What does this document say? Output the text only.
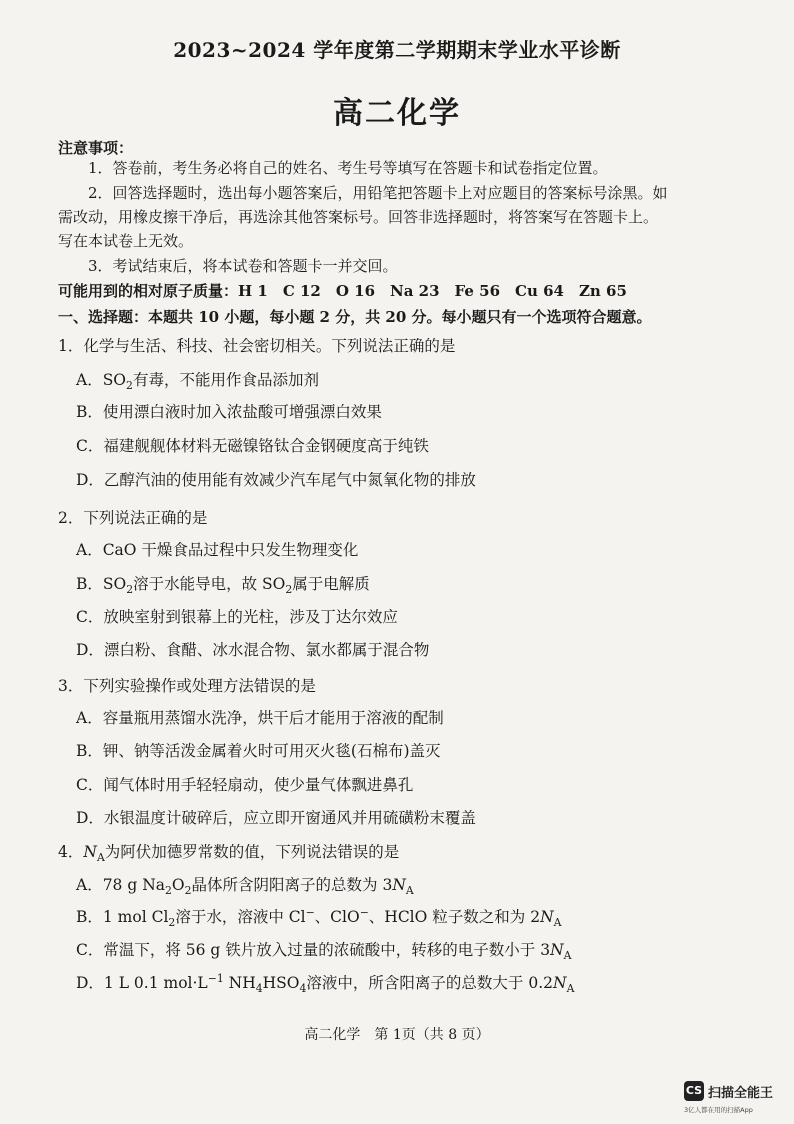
2023~2024 学年度第二学期期末学业水平诊断
高二化学
注意事项：
1．答卷前，考生务必将自己的姓名、考生号等填写在答题卡和试卷指定位置。
2．回答选择题时，选出每小题答案后，用铅笔把答题卡上对应题目的答案标号涂黑。如
需改动，用橡皮擦干净后，再选涂其他答案标号。回答非选择题时，将答案写在答题卡上。
写在本试卷上无效。
3．考试结束后，将本试卷和答题卡一并交回。
可能用到的相对原子质量：H 1　C 12　O 16　Na 23　Fe 56　Cu 64　Zn 65
一、选择题：本题共 10 小题，每小题 2 分，共 20 分。每小题只有一个选项符合题意。
1．化学与生活、科技、社会密切相关。下列说法正确的是
A．$SO_2$有毒，不能用作食品添加剂
B．使用漂白液时加入浓盐酸可增强漂白效果
C．福建舰舰体材料无磁镍铬钛合金钢硬度高于纯铁
D．乙醇汽油的使用能有效减少汽车尾气中氮氧化物的排放
2．下列说法正确的是
A．CaO 干燥食品过程中只发生物理变化
B．$SO_2$溶于水能导电，故 $SO_2$属于电解质
C．放映室射到银幕上的光柱，涉及丁达尔效应
D．漂白粉、食醋、冰水混合物、氯水都属于混合物
3．下列实验操作或处理方法错误的是
A．容量瓶用蒸馏水洗净，烘干后才能用于溶液的配制
B．钾、钠等活泼金属着火时可用灭火毯(石棉布)盖灭
C．闻气体时用手轻轻扇动，使少量气体飘进鼻孔
D．水银温度计破碎后，应立即开窗通风并用硫磺粉末覆盖
4．$N_A$为阿伏加德罗常数的值，下列说法错误的是
A．78 g $Na_2O_2$晶体所含阴阳离子的总数为 $3N_A$
B．1 mol $Cl_2$溶于水，溶液中 Cl−、ClO−、HClO 粒子数之和为 $2N_A$
C．常温下，将 56 g 铁片放入过量的浓硫酸中，转移的电子数小于 $3N_A$
D．1 L 0.1 $mol\cdot L^{-1}$ $NH_4HSO_4$溶液中，所含阳离子的总数大于 $0.2N_A$
高二化学　第 1页（共 8 页）
CS 扫描全能王
3亿人都在用的扫描App
